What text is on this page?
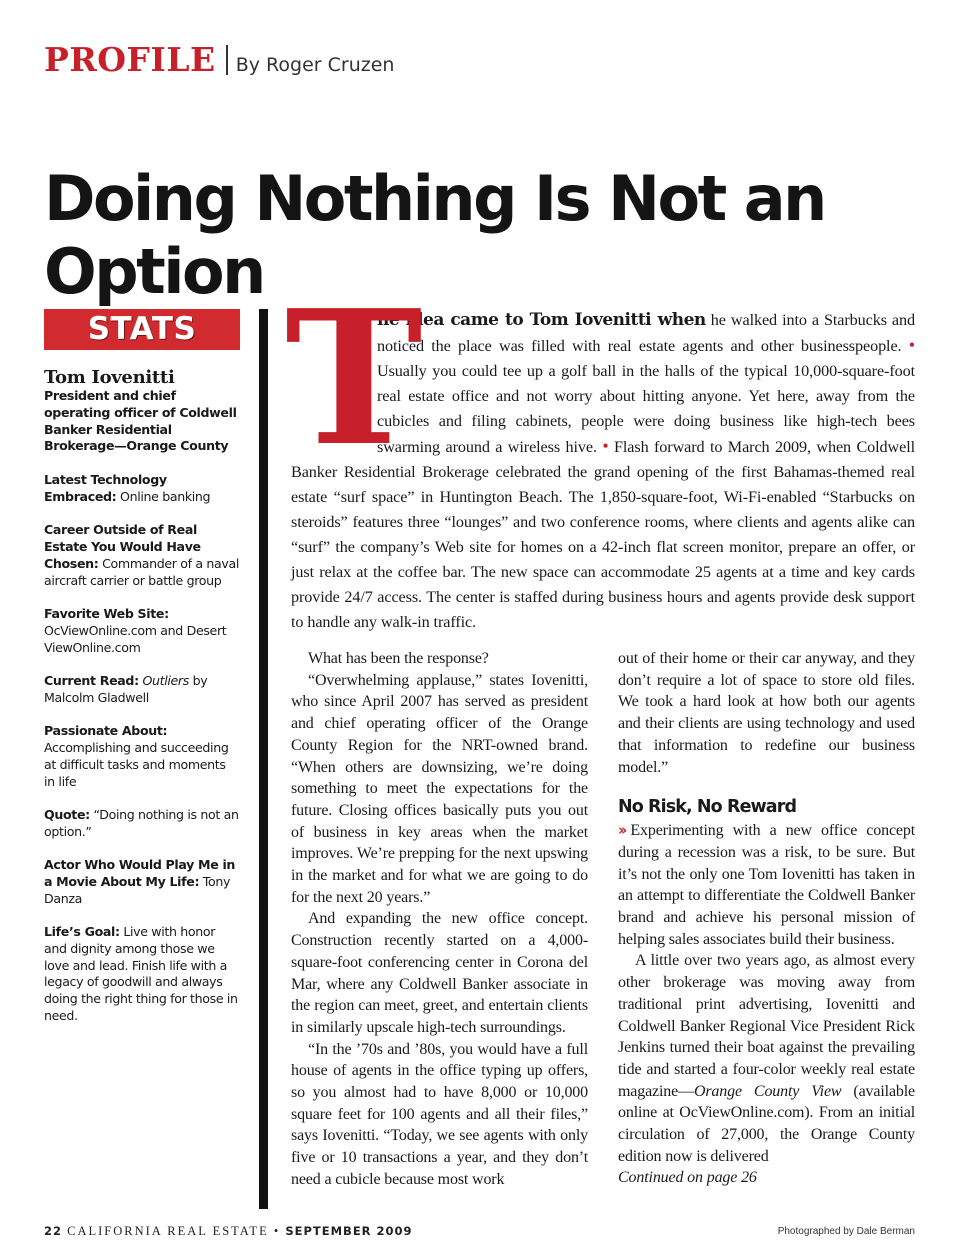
PROFILE By Roger Cruzen
Doing Nothing Is Not an Option
STATS
Tom Iovenitti
President and chief operating officer of Coldwell Banker Residential Brokerage—Orange County
Latest Technology Embraced: Online banking
Career Outside of Real Estate You Would Have Chosen: Commander of a naval aircraft carrier or battle group
Favorite Web Site: OcViewOnline.com and Desert ViewOnline.com
Current Read: Outliers by Malcolm Gladwell
Passionate About: Accomplishing and succeeding at difficult tasks and moments in life
Quote: “Doing nothing is not an option.”
Actor Who Would Play Me in a Movie About My Life: Tony Danza
Life’s Goal: Live with honor and dignity among those we love and lead. Finish life with a legacy of goodwill and always doing the right thing for those in need.
T
he idea came to Tom Iovenitti when he walked into a Starbucks and noticed the place was filled with real estate agents and other businesspeople. • Usually you could tee up a golf ball in the halls of the typical 10,000-square-foot real estate office and not worry about hitting anyone. Yet here, away from the cubicles and filing cabinets, people were doing business like high-tech bees swarming around a wireless hive. • Flash forward to March 2009, when Coldwell Banker Residential Brokerage celebrated the grand opening of the first Bahamas-themed real estate “surf space” in Huntington Beach. The 1,850-square-foot, Wi-Fi-enabled “Starbucks on steroids” features three “lounges” and two conference rooms, where clients and agents alike can “surf” the company’s Web site for homes on a 42-inch flat screen monitor, prepare an offer, or just relax at the coffee bar. The new space can accommodate 25 agents at a time and key cards provide 24/7 access. The center is staffed during business hours and agents provide desk support to handle any walk-in traffic.

What has been the response?

“Overwhelming applause,” states Iovenitti, who since April 2007 has served as president and chief operating officer of the Orange County Region for the NRT-owned brand. “When others are downsizing, we’re doing something to meet the expectations for the future. Closing offices basically puts you out of business in key areas when the market improves. We’re prepping for the next upswing in the market and for what we are going to do for the next 20 years.”

And expanding the new office concept. Construction recently started on a 4,000-square-foot conferencing center in Corona del Mar, where any Coldwell Banker associate in the region can meet, greet, and entertain clients in similarly upscale high-tech surroundings.

“In the ’70s and ’80s, you would have a full house of agents in the office typing up offers, so you almost had to have 8,000 or 10,000 square feet for 100 agents and all their files,” says Iovenitti. “Today, we see agents with only five or 10 transactions a year, and they don’t need a cubicle because most work

out of their home or their car anyway, and they don’t require a lot of space to store old files. We took a hard look at how both our agents and their clients are using technology and used that information to redefine our business model.”

No Risk, No Reward

›› Experimenting with a new office concept during a recession was a risk, to be sure. But it’s not the only one Tom Iovenitti has taken in an attempt to differentiate the Coldwell Banker brand and achieve his personal mission of helping sales associates build their business.

A little over two years ago, as almost every other brokerage was moving away from traditional print advertising, Iovenitti and Coldwell Banker Regional Vice President Rick Jenkins turned their boat against the prevailing tide and started a four-color weekly real estate magazine—Orange County View (available online at OcViewOnline.com). From an initial circulation of 27,000, the Orange County edition now is delivered

Continued on page 26

22 CALIFORNIA REAL ESTATE • SEPTEMBER 2009	Photographed by Dale Berman
